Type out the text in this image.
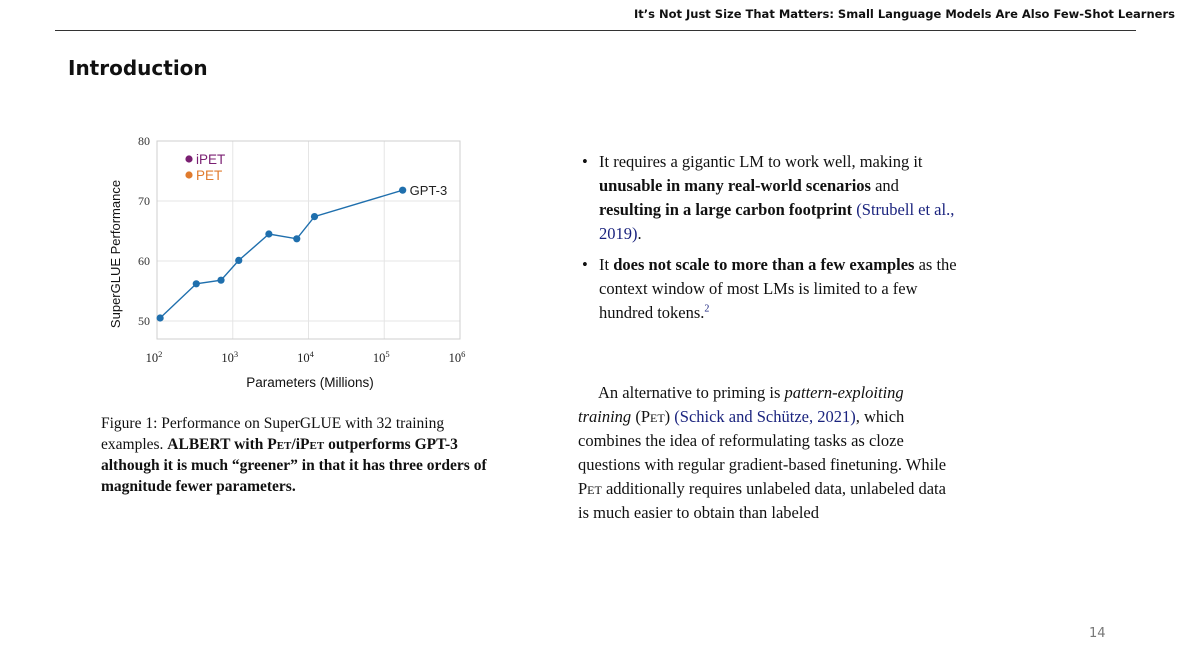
It’s Not Just Size That Matters: Small Language Models Are Also Few-Shot Learners
Introduction
50
60
70
80
$10^2$	$10^3$	$10^4$	$10^5$	$10^6$
GPT-3
iPET
PET
SuperGLUE Performance
Parameters (Millions)
Figure 1: Performance on SuperGLUE with 32 training examples. ALBERT with Pet/iPet outperforms GPT-3 although it is much “greener” in that it has three orders of magnitude fewer parameters.
• It requires a gigantic LM to work well, making it unusable in many real-world scenarios and resulting in a large carbon footprint (Strubell et al., 2019).
• It does not scale to more than a few examples as the context window of most LMs is limited to a few hundred tokens.$^2$
An alternative to priming is pattern-exploiting training (Pet) (Schick and Schütze, 2021), which combines the idea of reformulating tasks as cloze questions with regular gradient-based finetuning. While Pet additionally requires unlabeled data, unlabeled data is much easier to obtain than labeled
14
